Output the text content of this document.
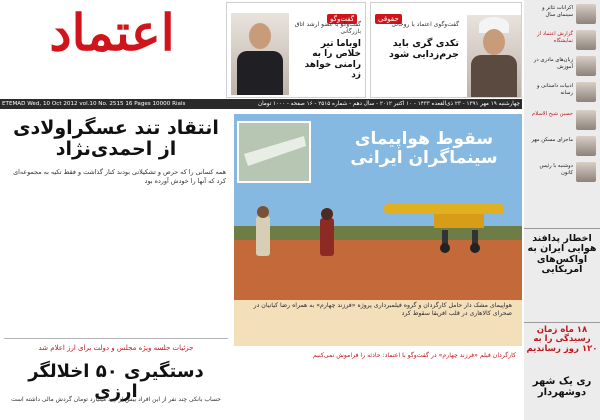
اعتماد	گفت‌وگو
گفت‌وگو با عضو ارشد اتاق بازرگانی
اوباما تیر خلاص را به رامنی خواهد زد
حقوقی
گفت‌وگوی اعتماد با روحانی
تکدی گری باید جرم‌زدایی شود
ETEMAD Wed, 10 Oct 2012 vol.10 No. 2515 16 Pages 10000 Rials	چهارشنبه ۱۹ مهر ۱۳۹۱ - ۲۳ ذی‌القعده ۱۴۳۳ - ۱۰ اکتبر ۲۰۱۲ - سال دهم - شماره ۲۵۱۵ - ۱۶ صفحه - ۱۰۰۰ تومان
انتقاد تند عسگراولادی از احمدی‌نژاد
همه کسانی را که حرص و تشکیلاتی بودند کنار گذاشت و فقط تکیه به مجموعه‌ای کرد که آنها را خودش آورده بود
جزئیات جلسه ویژه مجلس و دولت برای ارز اعلام شد
دستگیری ۵۰ اخلالگر ارزی
حساب بانکی چند نفر از این افراد بیش از چند میلیارد تومان گردش مالی داشته است
سقوط هواپیمای سینماگران ایرانی
هواپیمای مشک دار حامل کارگردان و گروه فیلمبرداری پروژه «فرزند چهارم» به همراه رضا کیانیان در صحرای کالاهاری در قلب افریقا سقوط کرد
کارگردان فیلم «فرزند چهارم» در گفت‌وگو با اعتماد: حادثه را فراموش نمی‌کنیم
اکرانات تئاتر و سینمای سال
گزارش اعتماد از نمایشگاه
زبان‌های مادری در آموزش
ادبیات داستانی و رسانه
حسین شیخ الاسلام
ماجرای مسکن مهر
دوشنبه با رئیس کانون
اخطار پدافند هوایی ایران به آواکس‌های امریکایی
۱۸ ماه زمان رسیدگی را به ۱۲۰ روز رساندیم
ری یک شهر دوشهردار
